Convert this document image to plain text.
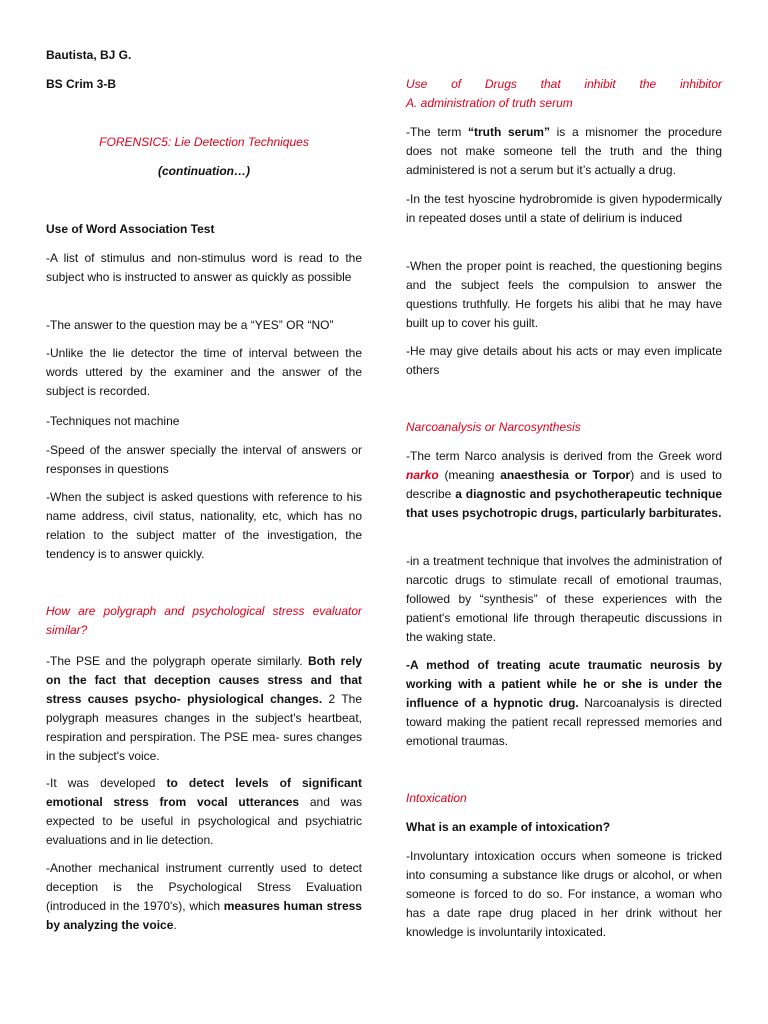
Bautista, BJ G.

BS Crim 3-B

FORENSIC5: Lie Detection Techniques

(continuation…)

Use of Word Association Test

-A list of stimulus and non-stimulus word is read to the subject who is instructed to answer as quickly as possible

-The answer to the question may be a “YES” OR “NO”

-Unlike the lie detector the time of interval between the words uttered by the examiner and the answer of the subject is recorded.

-Techniques not machine

-Speed of the answer specially the interval of answers or responses in questions

-When the subject is asked questions with reference to his name address, civil status, nationality, etc, which has no relation to the subject matter of the investigation, the tendency is to answer quickly.

How are polygraph and psychological stress evaluator similar?

-The PSE and the polygraph operate similarly. Both rely on the fact that deception causes stress and that stress causes psycho- physiological changes. 2 The polygraph measures changes in the subject's heartbeat, respiration and perspiration. The PSE mea- sures changes in the subject's voice.

-It was developed to detect levels of significant emotional stress from vocal utterances and was expected to be useful in psychological and psychiatric evaluations and in lie detection.

-Another mechanical instrument currently used to detect deception is the Psychological Stress Evaluation (introduced in the 1970's), which measures human stress by analyzing the voice.

Use of Drugs that inhibit the inhibitor

A. administration of truth serum

-The term “truth serum” is a misnomer the procedure does not make someone tell the truth and the thing administered is not a serum but it’s actually a drug.

-In the test hyoscine hydrobromide is given hypodermically in repeated doses until a state of delirium is induced

-When the proper point is reached, the questioning begins and the subject feels the compulsion to answer the questions truthfully. He forgets his alibi that he may have built up to cover his guilt.

-He may give details about his acts or may even implicate others

Narcoanalysis or Narcosynthesis

-The term Narco analysis is derived from the Greek word narko (meaning anaesthesia or Torpor) and is used to describe a diagnostic and psychotherapeutic technique that uses psychotropic drugs, particularly barbiturates.

-in a treatment technique that involves the administration of narcotic drugs to stimulate recall of emotional traumas, followed by “synthesis” of these experiences with the patient's emotional life through therapeutic discussions in the waking state.

-A method of treating acute traumatic neurosis by working with a patient while he or she is under the influence of a hypnotic drug. Narcoanalysis is directed toward making the patient recall repressed memories and emotional traumas.

Intoxication

What is an example of intoxication?

-Involuntary intoxication occurs when someone is tricked into consuming a substance like drugs or alcohol, or when someone is forced to do so. For instance, a woman who has a date rape drug placed in her drink without her knowledge is involuntarily intoxicated.
